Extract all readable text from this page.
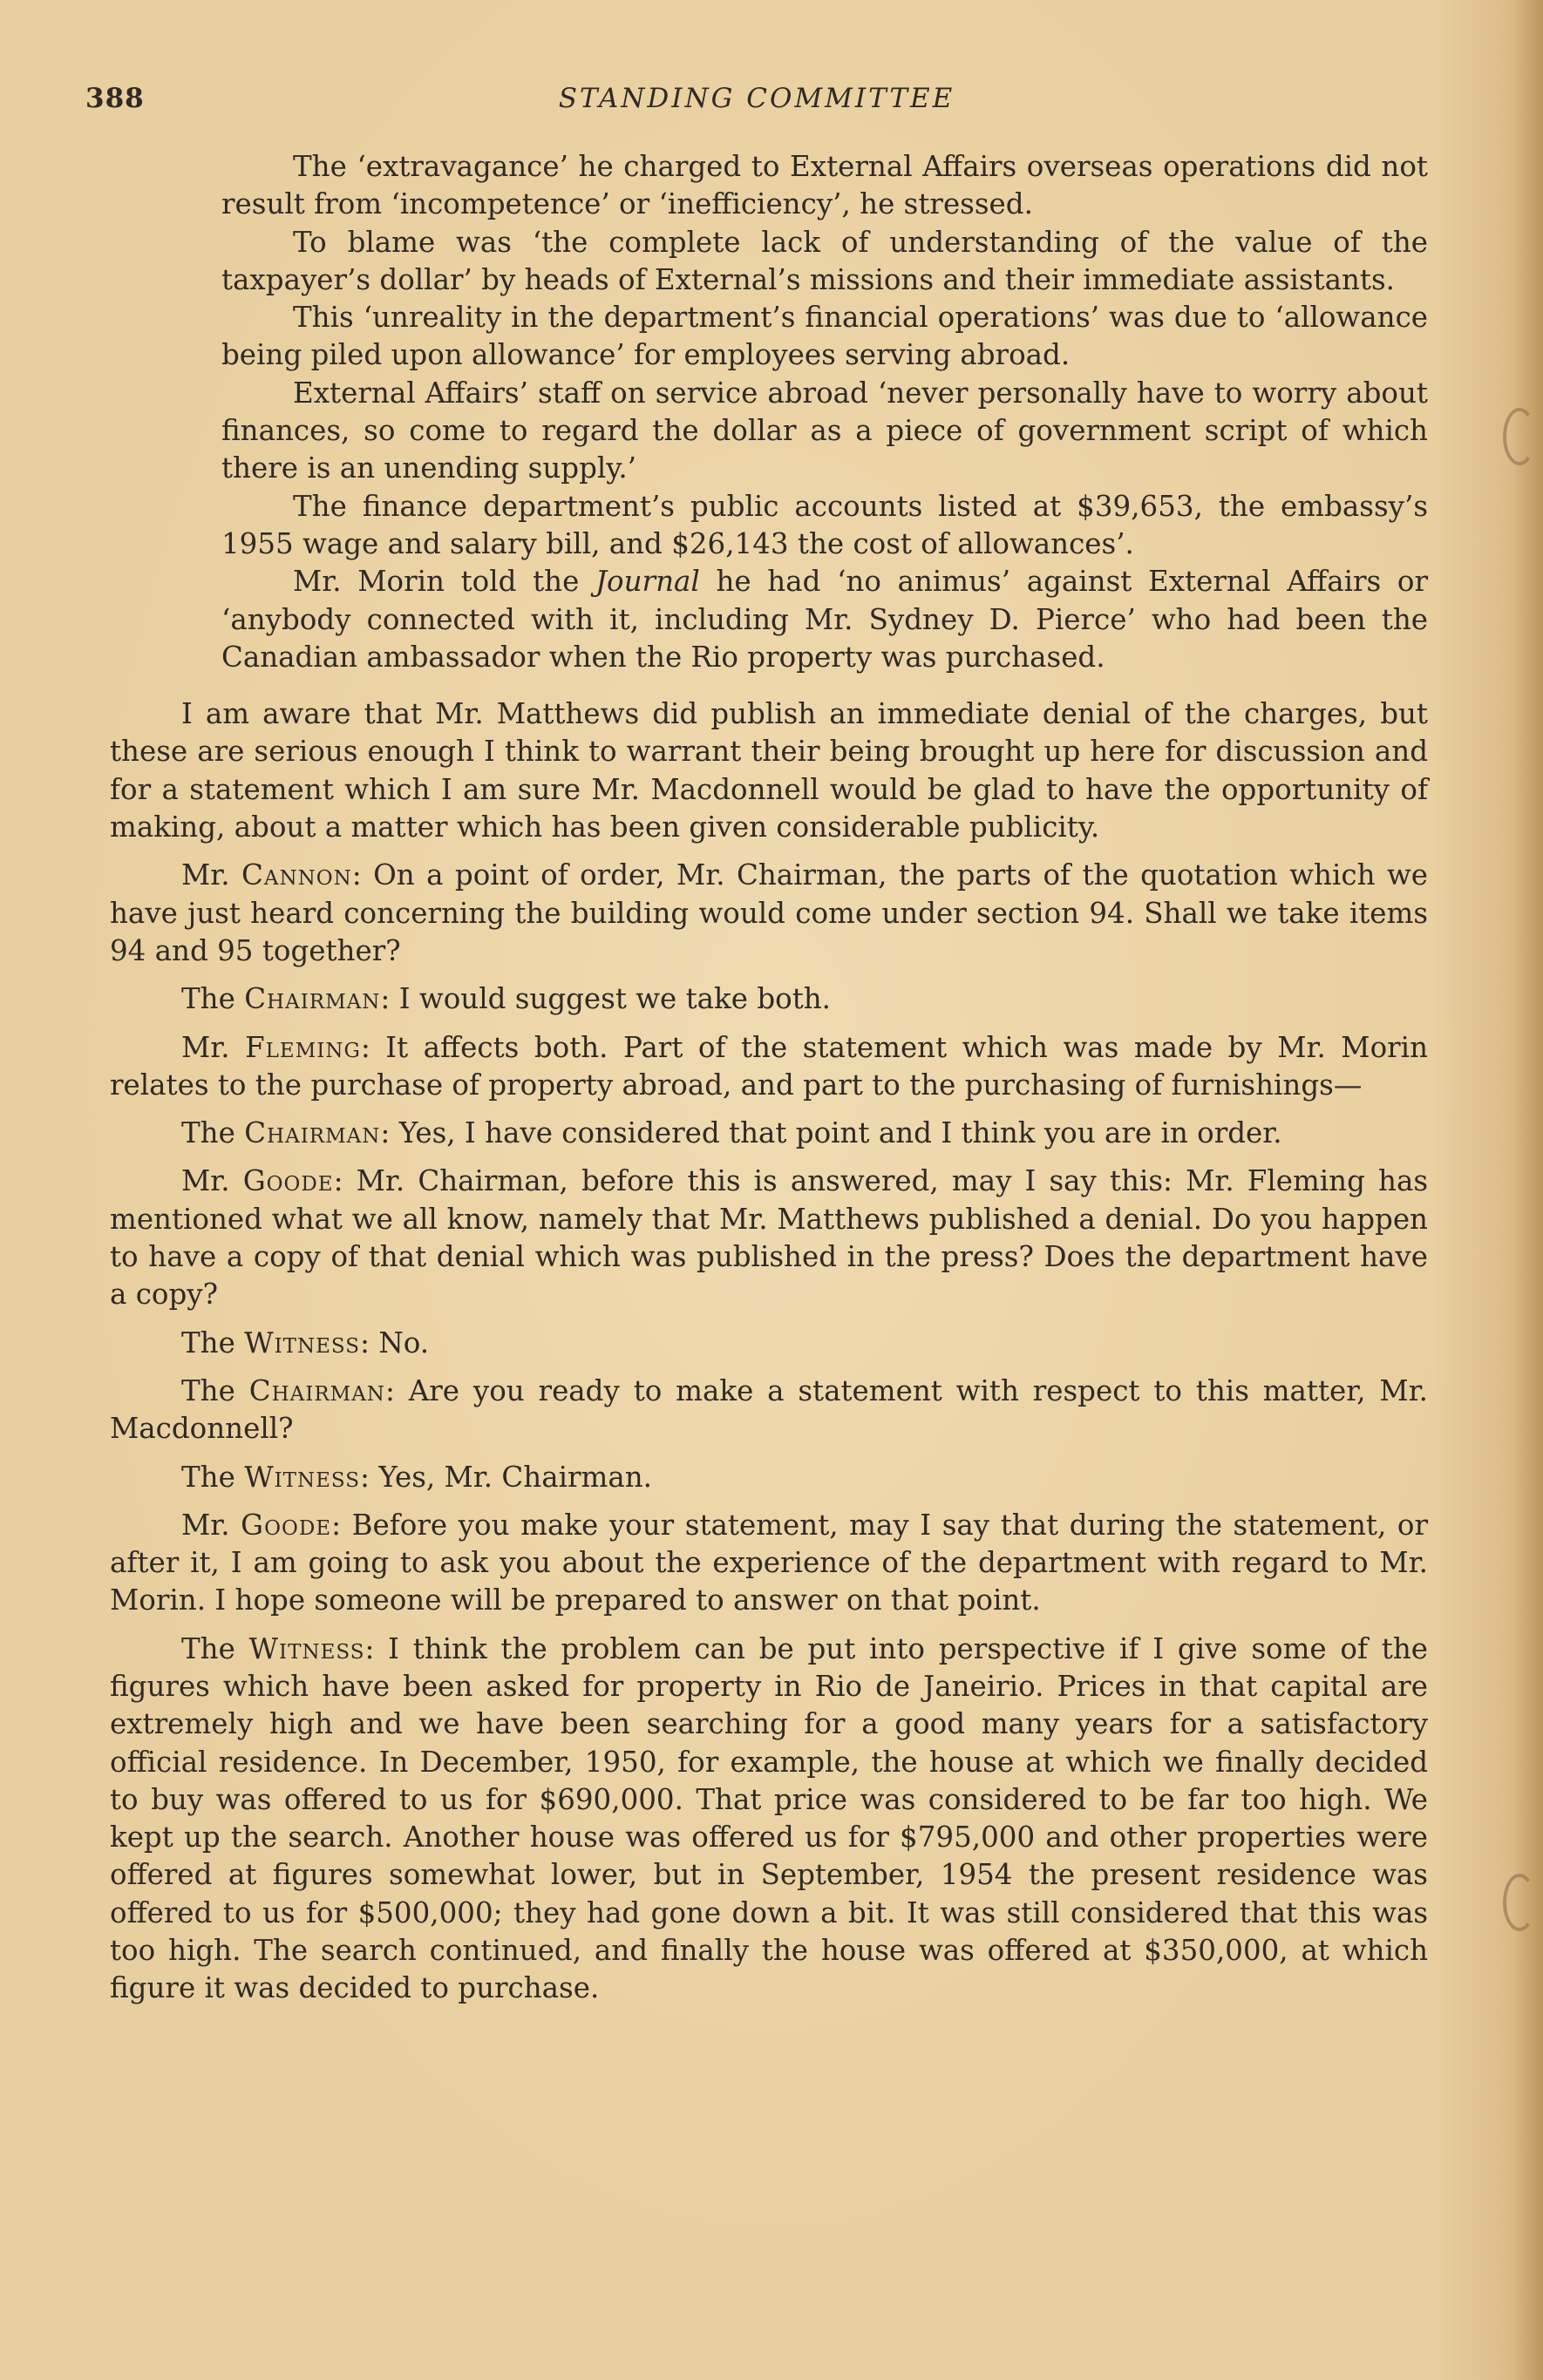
388	STANDING COMMITTEE

The ‘extravagance’ he charged to External Affairs overseas operations did not result from ‘incompetence’ or ‘inefficiency’, he stressed.

To blame was ‘the complete lack of understanding of the value of the taxpayer’s dollar’ by heads of External’s missions and their immediate assistants.

This ‘unreality in the department’s financial operations’ was due to ‘allowance being piled upon allowance’ for employees serving abroad.

External Affairs’ staff on service abroad ‘never personally have to worry about finances, so come to regard the dollar as a piece of government script of which there is an unending supply.’

The finance department’s public accounts listed at $39,653, the embassy’s 1955 wage and salary bill, and $26,143 the cost of allowances’.

Mr. Morin told the Journal he had ‘no animus’ against External Affairs or ‘anybody connected with it, including Mr. Sydney D. Pierce’ who had been the Canadian ambassador when the Rio property was purchased.

I am aware that Mr. Matthews did publish an immediate denial of the charges, but these are serious enough I think to warrant their being brought up here for discussion and for a statement which I am sure Mr. Macdonnell would be glad to have the opportunity of making, about a matter which has been given considerable publicity.

Mr. Cannon: On a point of order, Mr. Chairman, the parts of the quotation which we have just heard concerning the building would come under section 94. Shall we take items 94 and 95 together?

The Chairman: I would suggest we take both.

Mr. Fleming: It affects both. Part of the statement which was made by Mr. Morin relates to the purchase of property abroad, and part to the purchasing of furnishings—

The Chairman: Yes, I have considered that point and I think you are in order.

Mr. Goode: Mr. Chairman, before this is answered, may I say this: Mr. Fleming has mentioned what we all know, namely that Mr. Matthews published a denial. Do you happen to have a copy of that denial which was published in the press? Does the department have a copy?

The Witness: No.

The Chairman: Are you ready to make a statement with respect to this matter, Mr. Macdonnell?

The Witness: Yes, Mr. Chairman.

Mr. Goode: Before you make your statement, may I say that during the statement, or after it, I am going to ask you about the experience of the department with regard to Mr. Morin. I hope someone will be prepared to answer on that point.

The Witness: I think the problem can be put into perspective if I give some of the figures which have been asked for property in Rio de Janeirio. Prices in that capital are extremely high and we have been searching for a good many years for a satisfactory official residence. In December, 1950, for example, the house at which we finally decided to buy was offered to us for $690,000. That price was considered to be far too high. We kept up the search. Another house was offered us for $795,000 and other properties were offered at figures somewhat lower, but in September, 1954 the present residence was offered to us for $500,000; they had gone down a bit. It was still considered that this was too high. The search continued, and finally the house was offered at $350,000, at which figure it was decided to purchase.
